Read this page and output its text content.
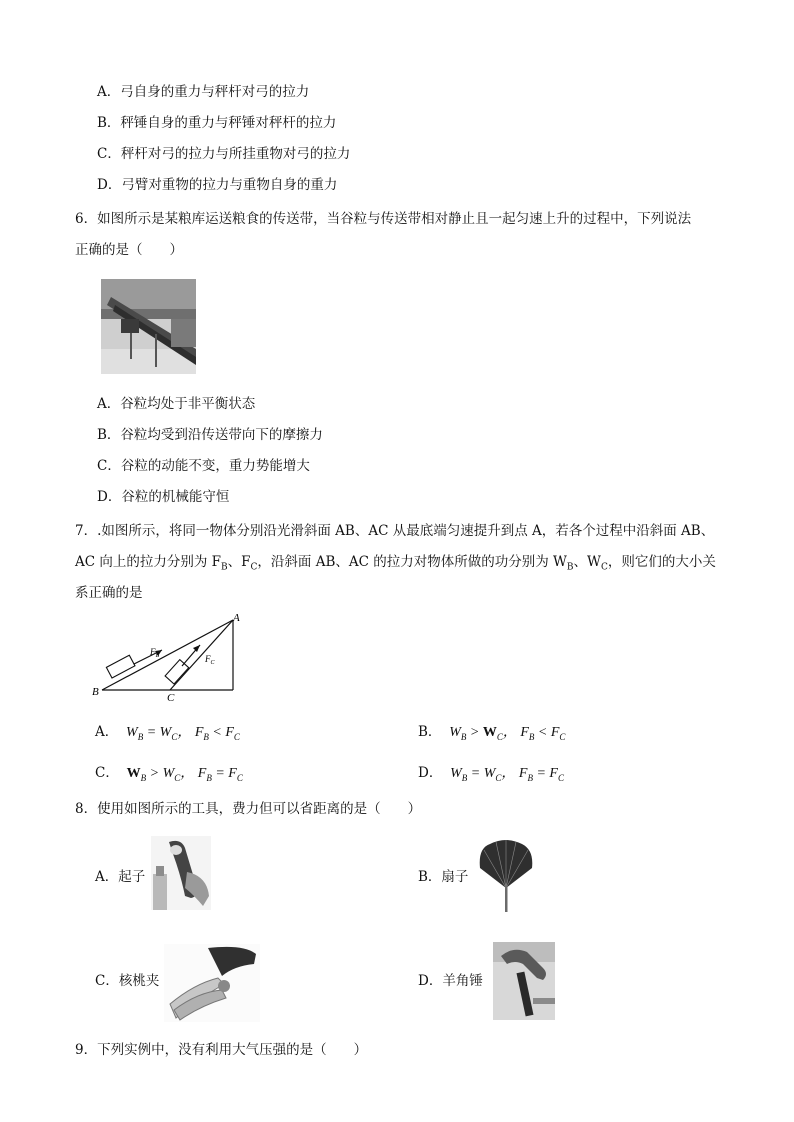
A．弓自身的重力与秤杆对弓的拉力
B．秤锤自身的重力与秤锤对秤杆的拉力
C．秤杆对弓的拉力与所挂重物对弓的拉力
D．弓臂对重物的拉力与重物自身的重力
6．如图所示是某粮库运送粮食的传送带，当谷粒与传送带相对静止且一起匀速上升的过程中，下列说法
正确的是（　　）
A．谷粒均处于非平衡状态
B．谷粒均受到沿传送带向下的摩擦力
C．谷粒的动能不变，重力势能增大
D．谷粒的机械能守恒
7．.如图所示，将同一物体分别沿光滑斜面 AB、AC 从最底端匀速提升到点 A，若各个过程中沿斜面 AB、
AC 向上的拉力分别为 $F_B$、$F_C$，沿斜面 AB、AC 的拉力对物体所做的功分别为 $W_B$、$W_C$，则它们的大小关
系正确的是
A
B	C
$F_B$	$F_C$
A．  $W_B = W_C$， $F_B < F_C$	B．  $W_B > W_C$， $F_B < F_C$
C． $W_B > W_C$， $F_B = F_C$	D．  $W_B = W_C$， $F_B = F_C$
8．使用如图所示的工具，费力但可以省距离的是（　　）
A．起子	B．扇子
C．核桃夹	D．羊角锤
9．下列实例中，没有利用大气压强的是（　　）
